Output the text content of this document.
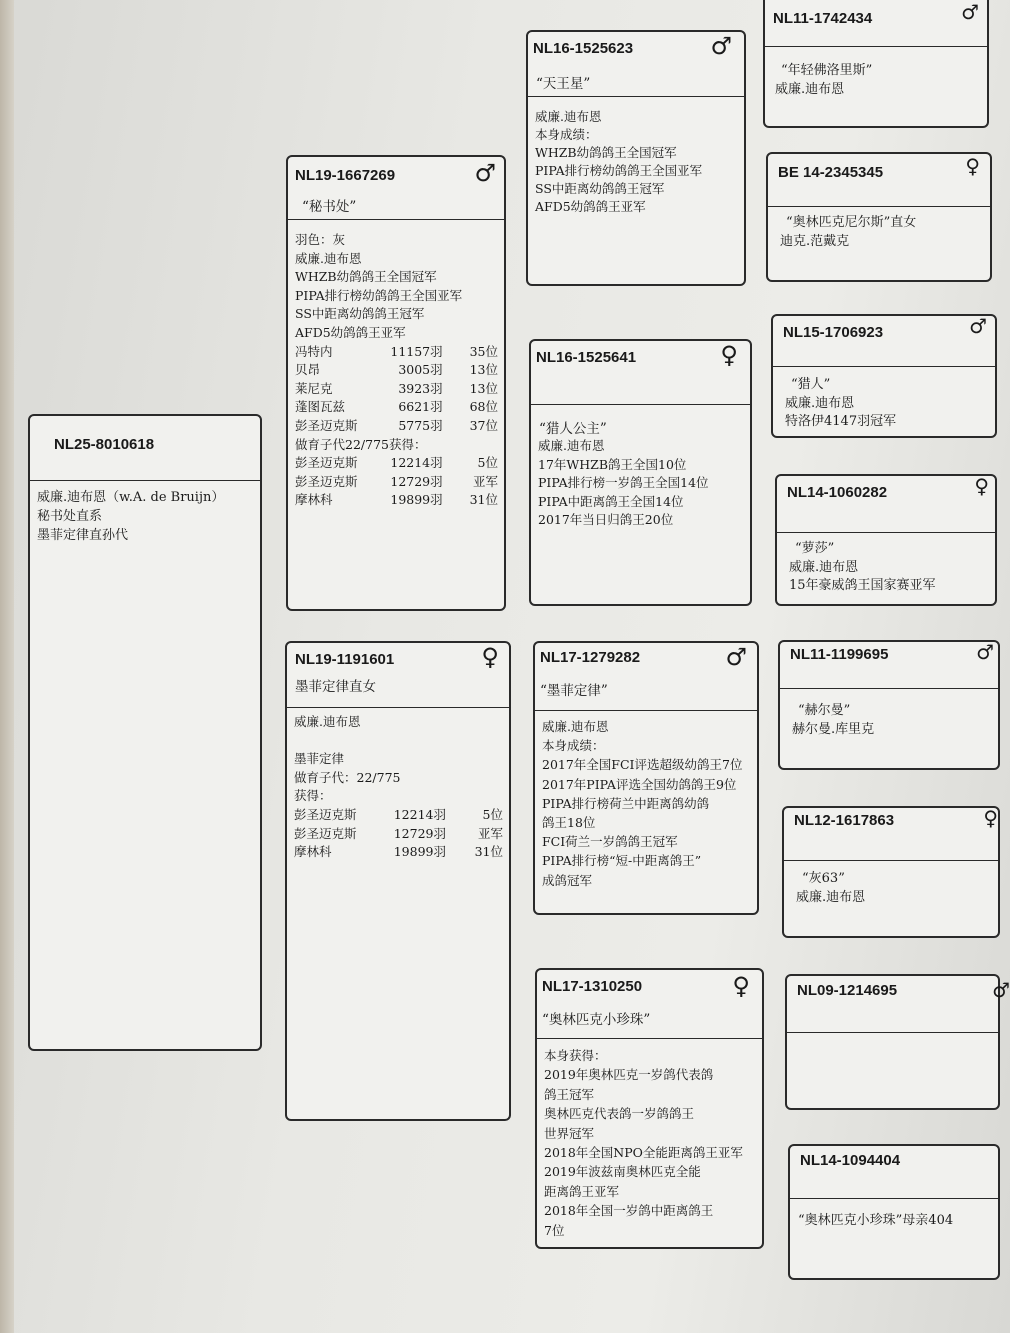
NL25-8010618
威廉.迪布恩（w.A. de Bruijn）
秘书处直系
墨菲定律直孙代
NL19-1667269	♂
“秘书处”
羽色：灰
威廉.迪布恩
WHZB幼鸽鸽王全国冠军
PIPA排行榜幼鸽鸽王全国亚军
SS中距离幼鸽鸽王冠军
AFD5幼鸽鸽王亚军
冯特内	11157羽	35位
贝昂	3005羽	13位
莱尼克	3923羽	13位
蓬图瓦兹	6621羽	68位
彭圣迈克斯	5775羽	37位
做育子代22/775获得：
彭圣迈克斯	12214羽	5位
彭圣迈克斯	12729羽	亚军
摩林科	19899羽	31位
NL19-1191601	♀
墨菲定律直女
威廉.迪布恩
墨菲定律
做育子代：22/775
获得：
彭圣迈克斯	12214羽	5位
彭圣迈克斯	12729羽	亚军
摩林科	19899羽	31位
NL16-1525623	♂
“天王星”
威廉.迪布恩
本身成绩：
WHZB幼鸽鸽王全国冠军
PIPA排行榜幼鸽鸽王全国亚军
SS中距离幼鸽鸽王冠军
AFD5幼鸽鸽王亚军
NL16-1525641	♀
“猎人公主”
威廉.迪布恩
17年WHZB鸽王全国10位
PIPA排行榜一岁鸽王全国14位
PIPA中距离鸽王全国14位
2017年当日归鸽王20位
NL17-1279282	♂
“墨菲定律”
威廉.迪布恩
本身成绩：
2017年全国FCI评选超级幼鸽王7位
2017年PIPA评选全国幼鸽鸽王9位
PIPA排行榜荷兰中距离鸽幼鸽
鸽王18位
FCI荷兰一岁鸽鸽王冠军
PIPA排行榜“短-中距离鸽王”
成鸽冠军
NL17-1310250	♀
“奥林匹克小珍珠”
本身获得：
2019年奥林匹克一岁鸽代表鸽
鸽王冠军
奥林匹克代表鸽一岁鸽鸽王
世界冠军
2018年全国NPO全能距离鸽王亚军
2019年波兹南奥林匹克全能
距离鸽王亚军
2018年全国一岁鸽中距离鸽王
7位
NL11-1742434	♂
“年轻佛洛里斯”
威廉.迪布恩
BE 14-2345345	♀
“奥林匹克尼尔斯”直女
迪克.范戴克
NL15-1706923	♂
“猎人”
威廉.迪布恩
特洛伊4147羽冠军
NL14-1060282	♀
“萝莎”
威廉.迪布恩
15年豪威鸽王国家赛亚军
NL11-1199695	♂
“赫尔曼”
赫尔曼.库里克
NL12-1617863	♀
“灰63”
威廉.迪布恩
NL09-1214695	♂
NL14-1094404
“奥林匹克小珍珠”母亲404
